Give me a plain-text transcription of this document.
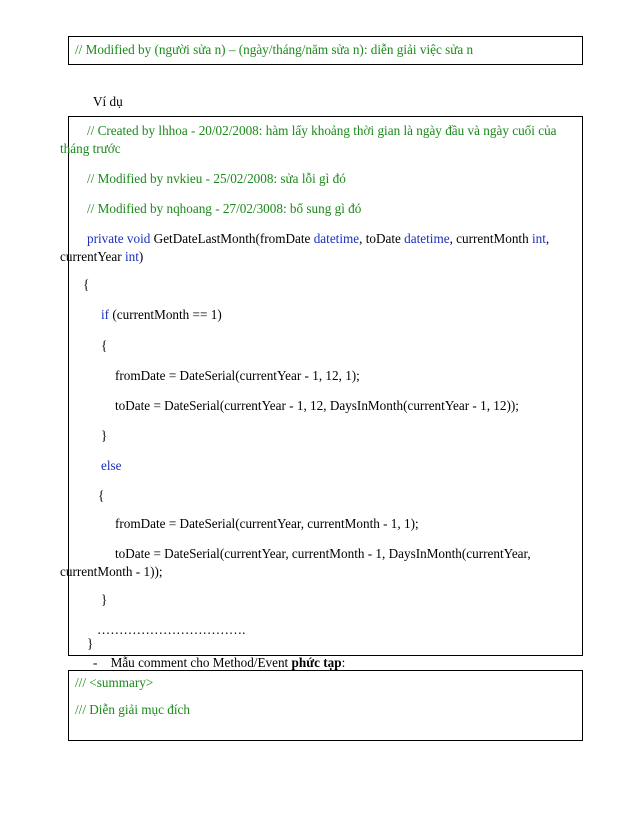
// Modified by (người sửa n) – (ngày/tháng/năm sửa n): diễn giải việc sửa n
Ví dụ
// Created by lhhoa - 20/02/2008: hàm lấy khoảng thời gian là ngày đầu và ngày cuối của
tháng trước
// Modified by nvkieu - 25/02/2008: sửa lỗi gì đó
// Modified by nqhoang - 27/02/3008: bổ sung gì đó
private void GetDateLastMonth(fromDate datetime, toDate datetime, currentMonth int,
currentYear int)
{
if (currentMonth == 1)
{
fromDate = DateSerial(currentYear - 1, 12, 1);
toDate = DateSerial(currentYear - 1, 12, DaysInMonth(currentYear - 1, 12));
}
else
{
fromDate = DateSerial(currentYear, currentMonth - 1, 1);
toDate = DateSerial(currentYear, currentMonth - 1, DaysInMonth(currentYear,
currentMonth - 1));
}
…………………………….
}
- Mẫu comment cho Method/Event phức tạp:
/// <summary>
/// Diễn giải mục đích
